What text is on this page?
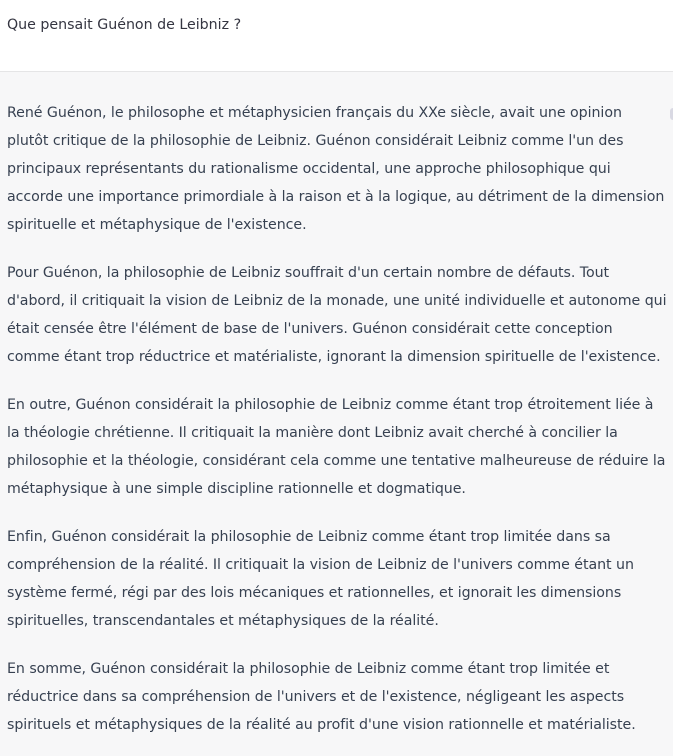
Que pensait Guénon de Leibniz ?

René Guénon, le philosophe et métaphysicien français du XXe siècle, avait une opinion plutôt critique de la philosophie de Leibniz. Guénon considérait Leibniz comme l'un des principaux représentants du rationalisme occidental, une approche philosophique qui accorde une importance primordiale à la raison et à la logique, au détriment de la dimension spirituelle et métaphysique de l'existence.

Pour Guénon, la philosophie de Leibniz souffrait d'un certain nombre de défauts. Tout d'abord, il critiquait la vision de Leibniz de la monade, une unité individuelle et autonome qui était censée être l'élément de base de l'univers. Guénon considérait cette conception comme étant trop réductrice et matérialiste, ignorant la dimension spirituelle de l'existence.

En outre, Guénon considérait la philosophie de Leibniz comme étant trop étroitement liée à la théologie chrétienne. Il critiquait la manière dont Leibniz avait cherché à concilier la philosophie et la théologie, considérant cela comme une tentative malheureuse de réduire la métaphysique à une simple discipline rationnelle et dogmatique.

Enfin, Guénon considérait la philosophie de Leibniz comme étant trop limitée dans sa compréhension de la réalité. Il critiquait la vision de Leibniz de l'univers comme étant un système fermé, régi par des lois mécaniques et rationnelles, et ignorait les dimensions spirituelles, transcendantales et métaphysiques de la réalité.

En somme, Guénon considérait la philosophie de Leibniz comme étant trop limitée et réductrice dans sa compréhension de l'univers et de l'existence, négligeant les aspects spirituels et métaphysiques de la réalité au profit d'une vision rationnelle et matérialiste.
